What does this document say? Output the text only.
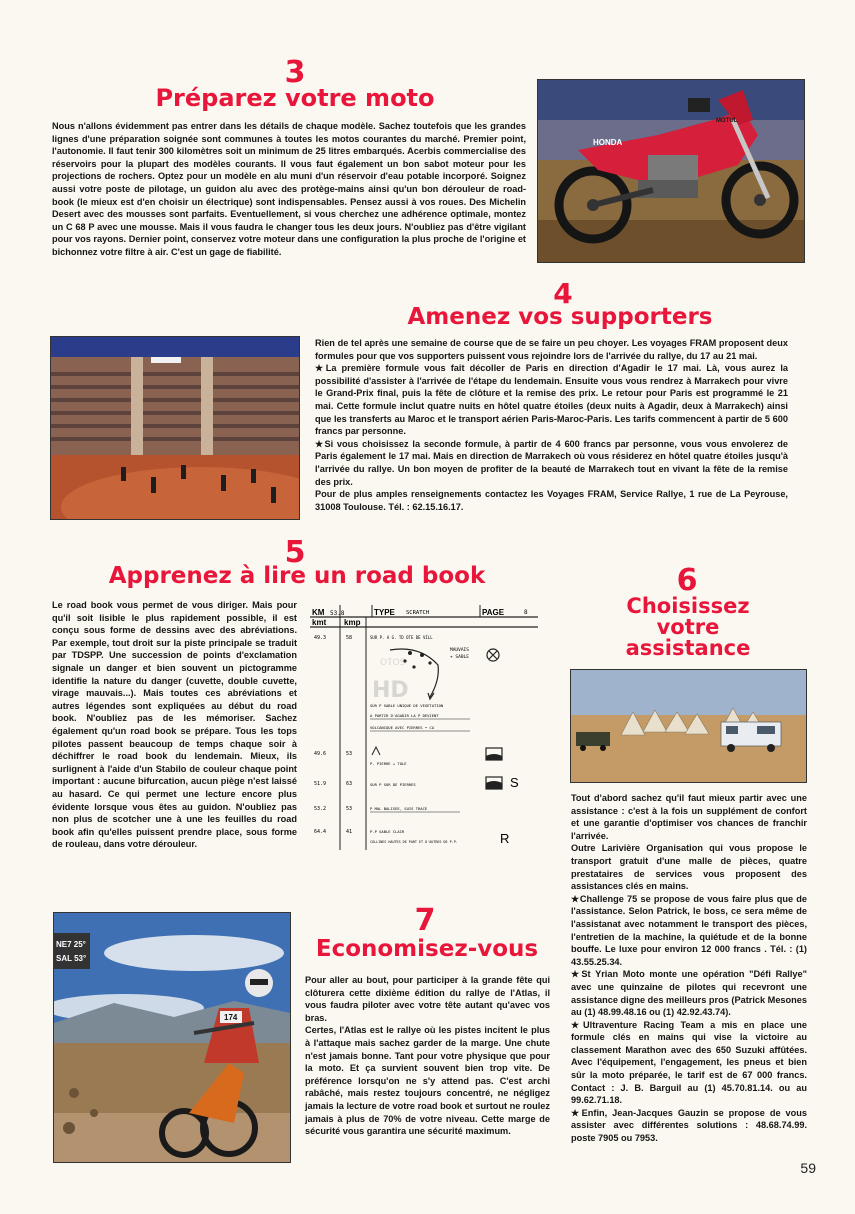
3
Préparez votre moto
Nous n'allons évidemment pas entrer dans les détails de chaque modèle. Sachez toutefois que les grandes lignes d'une préparation soignée sont communes à toutes les motos courantes du marché. Premier point, l'autonomie. Il faut tenir 300 kilomètres soit un minimum de 25 litres embarqués. Acerbis commercialise des réservoirs pour la plupart des modèles courants. Il vous faut également un bon sabot moteur pour les projections de rochers. Optez pour un modèle en alu muni d'un réservoir d'eau potable incorporé. Soignez aussi votre poste de pilotage, un guidon alu avec des protège-mains ainsi qu'un bon dérouleur de road-book (le mieux est d'en choisir un électrique) sont indispensables. Pensez aussi à vos roues. Des Michelin Desert avec des mousses sont parfaits. Eventuellement, si vous cherchez une adhérence optimale, montez un C 68 P avec une mousse. Mais il vous faudra le changer tous les deux jours. N'oubliez pas d'être vigilant pour vos rayons. Dernier point, conservez votre moteur dans une configuration la plus proche de l'origine et bichonnez votre filtre à air. C'est un gage de fiabilité.
HONDA
MOTUL
4
Amenez vos supporters

Rien de tel après une semaine de course que de se faire un peu choyer. Les voyages FRAM proposent deux formules pour que vos supporters puissent vous rejoindre lors de l'arrivée du rallye, du 17 au 21 mai.

★La première formule vous fait décoller de Paris en direction d'Agadir le 17 mai. Là, vous aurez la possibilité d'assister à l'arrivée de l'étape du lendemain. Ensuite vous vous rendrez à Marrakech pour vivre le Grand-Prix final, puis la fête de clôture et la remise des prix. Le retour pour Paris est programmé le 21 mai. Cette formule inclut quatre nuits en hôtel quatre étoiles (deux nuits à Agadir, deux à Marrakech) ainsi que les transferts au Maroc et le transport aérien Paris-Maroc-Paris. Les tarifs commencent à partir de 5 600 francs par personne.

★Si vous choisissez la seconde formule, à partir de 4 600 francs par personne, vous vous envolerez de Paris également le 17 mai. Mais en direction de Marrakech où vous résiderez en hôtel quatre étoiles jusqu'à l'arrivée du rallye. Un bon moyen de profiter de la beauté de Marrakech tout en vivant la fête de la remise des prix.

Pour de plus amples renseignements contactez les Voyages FRAM, Service Rallye, 1 rue de La Peyrouse, 31008 Toulouse. Tél. : 62.15.16.17.

5
Apprenez à lire un road book
Le road book vous permet de vous diriger. Mais pour qu'il soit lisible le plus rapidement possible, il est conçu sous forme de dessins avec des abréviations. Par exemple, tout droit sur la piste principale se traduit par TDSPP. Une succession de points d'exclamation signale un danger et bien souvent un pictogramme identifie la nature du danger (cuvette, double cuvette, virage mauvais...). Mais toutes ces abréviations et autres légendes sont expliquées au début du road book. N'oubliez pas de les mémoriser. Sachez également qu'un road book se prépare. Tous les tops pilotes passent beaucoup de temps chaque soir à déchiffrer le road book du lendemain. Mieux, ils surlignent à l'aide d'un Stabilo de couleur chaque point important : aucune bifurcation, aucun piège n'est laissé au hasard. Ce qui permet une lecture encore plus évidente lorsque vous êtes au guidon. N'oubliez pas non plus de scotcher une à une les feuilles du road book afin qu'elles puissent prendre place, sous forme de rouleau, dans votre dérouleur.
KM 53.8	TYPE SCRATCH	PAGE	8
kmt kmp
49.3	58	SUR P. A G. TD OTE DE VILL
MAUVAIS
+ SABLE
SUR P SABLE UNIQUE DE VEGETATION
A PARTIR D'AGADIR LA P DEVIENT
VOLCANIQUE AVEC PIERRES • CA
49.6	53
P. PIERRE + TOLE
51.9	63	SUR P SUR DE PIERRES	S
53.2	53	P MAL BALISEE, SUIS TRACE
64.4	41	P.P SABLE CLAIR
COLLINES HAUTES DE PART ET D'AUTRES DE P.P.	R
HD
OTOS
6
Choisissez
votre
assistance

Tout d'abord sachez qu'il faut mieux partir avec une assistance : c'est à la fois un supplément de confort et une garantie d'optimiser vos chances de franchir l'arrivée.

Outre Larivière Organisation qui vous propose le transport gratuit d'une malle de pièces, quatre prestataires de services vous proposent des assistances clés en mains.

★Challenge 75 se propose de vous faire plus que de l'assistance. Selon Patrick, le boss, ce sera même de l'assistanat avec notamment le transport des pièces, l'entretien de la machine, la quiétude et de la bonne bouffe. Le luxe pour environ 12 000 francs . Tél. : (1) 43.55.25.34.

★St Yrian Moto monte une opération "Défi Rallye" avec une quinzaine de pilotes qui recevront une assistance digne des meilleurs pros (Patrick Mesones au (1) 48.99.48.16 ou (1) 42.92.43.74).

★Ultraventure Racing Team a mis en place une formule clés en mains qui vise la victoire au classement Marathon avec des 650 Suzuki affûtées. Avec l'équipement, l'engagement, les pneus et bien sûr la moto préparée, le tarif est de 67 000 francs. Contact : J. B. Barguil au (1) 45.70.81.14. ou au 99.62.71.18.

★Enfin, Jean-Jacques Gauzin se propose de vous assister avec différentes solutions : 48.68.74.99. poste 7905 ou 7953.

7
Economisez-vous
174
NE7 25°
SAL 53°

Pour aller au bout, pour participer à la grande fête qui clôturera cette dixième édition du rallye de l'Atlas, il vous faudra piloter avec votre tête autant qu'avec vos bras.

Certes, l'Atlas est le rallye où les pistes incitent le plus à l'attaque mais sachez garder de la marge. Une chute n'est jamais bonne. Tant pour votre physique que pour la moto. Et ça survient souvent bien trop vite. De préférence lorsqu'on ne s'y attend pas. C'est archi rabâché, mais restez toujours concentré, ne négligez jamais la lecture de votre road book et surtout ne roulez jamais à plus de 70% de votre niveau. Cette marge de sécurité vous garantira une sécurité maximum.

59
